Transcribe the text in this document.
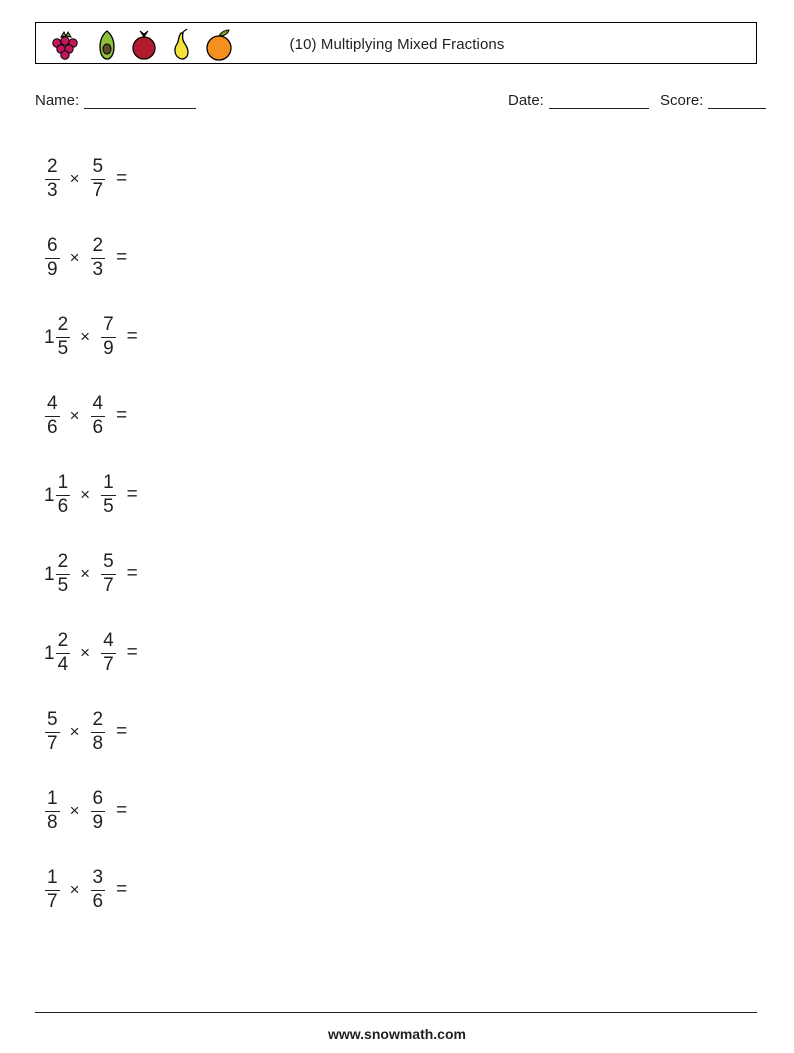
(10) Multiplying Mixed Fractions
Name:	Date:	Score:
$\frac{2}{3} \times \frac{5}{7}$ =
$\frac{6}{9} \times \frac{2}{3}$ =
$1 \frac{2}{5} \times \frac{7}{9}$ =
$\frac{4}{6} \times \frac{4}{6}$ =
$1 \frac{1}{6} \times \frac{1}{5}$ =
$1 \frac{2}{5} \times \frac{5}{7}$ =
$1 \frac{2}{4} \times \frac{4}{7}$ =
$\frac{5}{7} \times \frac{2}{8}$ =
$\frac{1}{8} \times \frac{6}{9}$ =
$\frac{1}{7} \times \frac{3}{6}$ =
www.snowmath.com
